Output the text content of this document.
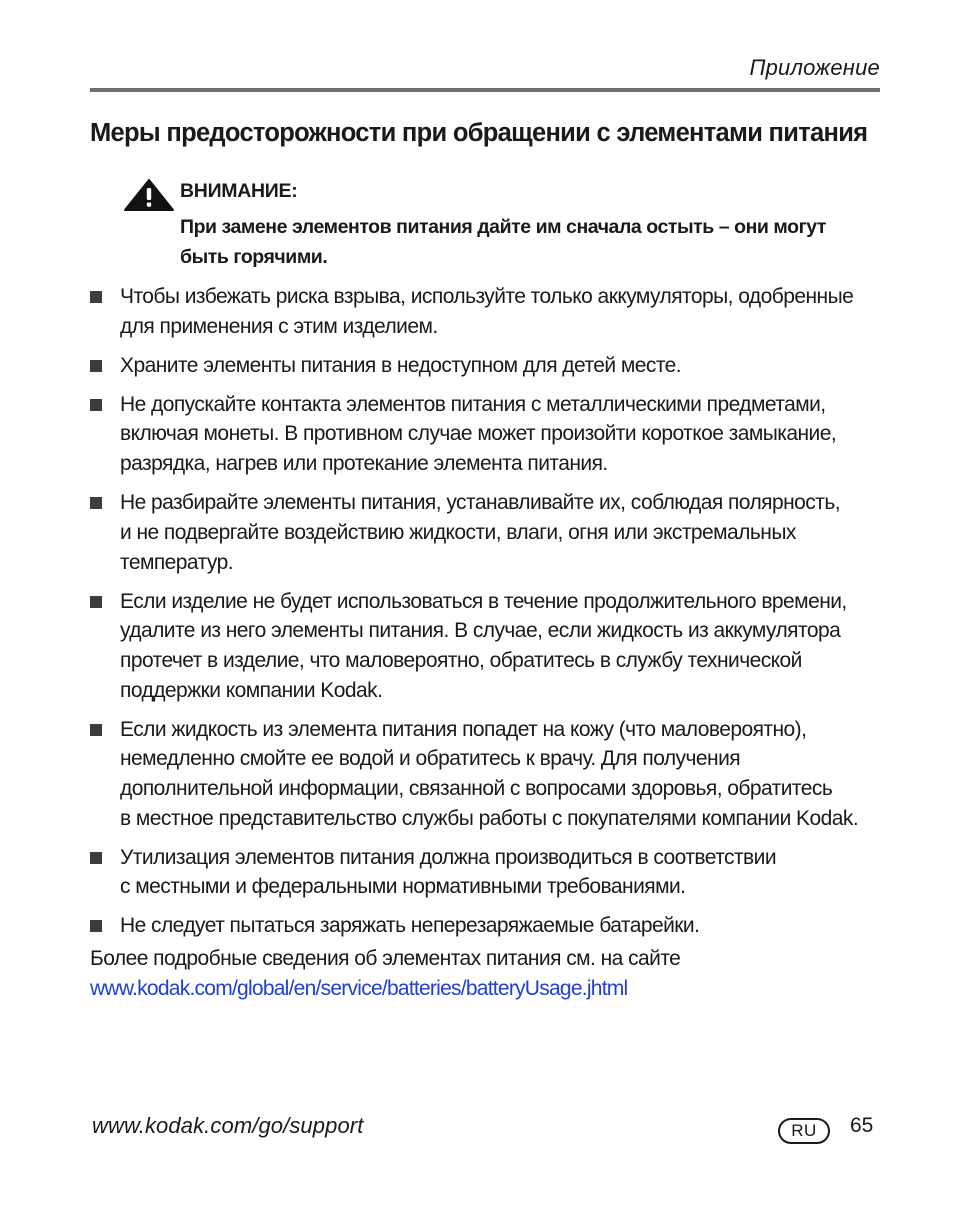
Приложение
Меры предосторожности при обращении с элементами питания
ВНИМАНИЕ:
При замене элементов питания дайте им сначала остыть – они могут
быть горячими.
Чтобы избежать риска взрыва, используйте только аккумуляторы, одобренные
для применения с этим изделием.
Храните элементы питания в недоступном для детей месте.
Не допускайте контакта элементов питания с металлическими предметами,
включая монеты. В противном случае может произойти короткое замыкание,
разрядка, нагрев или протекание элемента питания.
Не разбирайте элементы питания, устанавливайте их, соблюдая полярность,
и не подвергайте воздействию жидкости, влаги, огня или экстремальных
температур.
Если изделие не будет использоваться в течение продолжительного времени,
удалите из него элементы питания. В случае, если жидкость из аккумулятора
протечет в изделие, что маловероятно, обратитесь в службу технической
поддержки компании Kodak.
Если жидкость из элемента питания попадет на кожу (что маловероятно),
немедленно смойте ее водой и обратитесь к врачу. Для получения
дополнительной информации, связанной с вопросами здоровья, обратитесь
в местное представительство службы работы с покупателями компании Kodak.
Утилизация элементов питания должна производиться в соответствии
с местными и федеральными нормативными требованиями.
Не следует пытаться заряжать неперезаряжаемые батарейки.
Более подробные сведения об элементах питания см. на сайте
www.kodak.com/global/en/service/batteries/batteryUsage.jhtml
www.kodak.com/go/support	RU	65
